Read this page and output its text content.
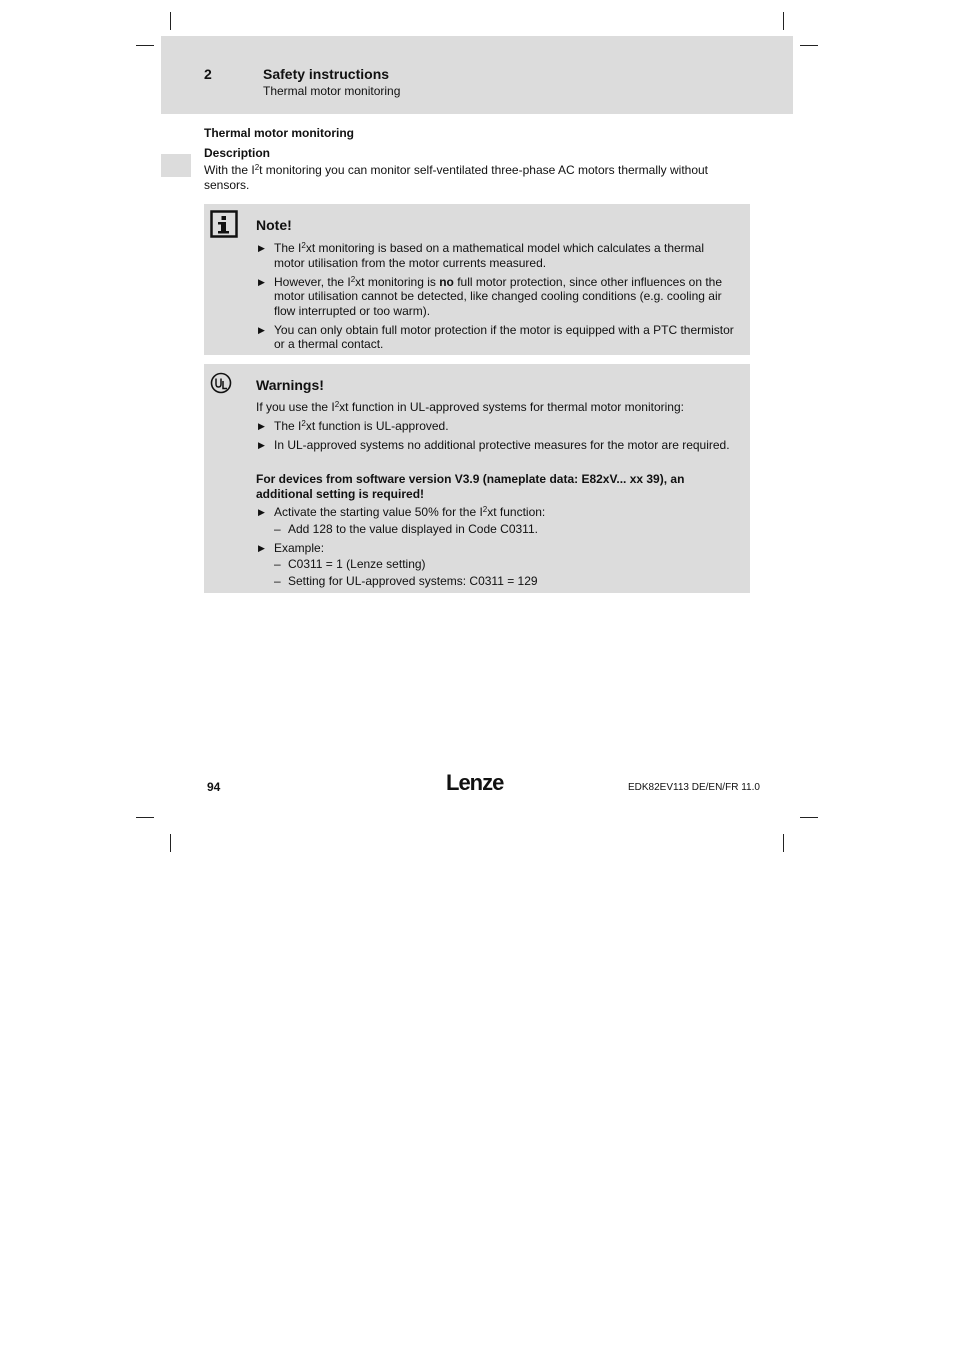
2	Safety instructions
Thermal motor monitoring
Thermal motor monitoring
Description
With the $I^2t$ monitoring you can monitor self-ventilated three-phase AC motors thermally without sensors.
Note!
▶ The $I^2xt$ monitoring is based on a mathematical model which calculates a thermal motor utilisation from the motor currents measured.
▶ However, the $I^2xt$ monitoring is no full motor protection, since other influences on the motor utilisation cannot be detected, like changed cooling conditions (e.g. cooling air flow interrupted or too warm).
▶ You can only obtain full motor protection if the motor is equipped with a PTC thermistor or a thermal contact.
Warnings!
If you use the $I^2xt$ function in UL-approved systems for thermal motor monitoring:
▶ The $I^2xt$ function is UL-approved.
▶ In UL-approved systems no additional protective measures for the motor are required.
For devices from software version V3.9 (nameplate data: E82xV... xx 39), an additional setting is required!
▶ Activate the starting value 50% for the $I^2xt$ function:
– Add 128 to the value displayed in Code C0311.
▶ Example:
– C0311 = 1 (Lenze setting)
– Setting for UL-approved systems: C0311 = 129
94	Lenze	EDK82EV113 DE/EN/FR 11.0
